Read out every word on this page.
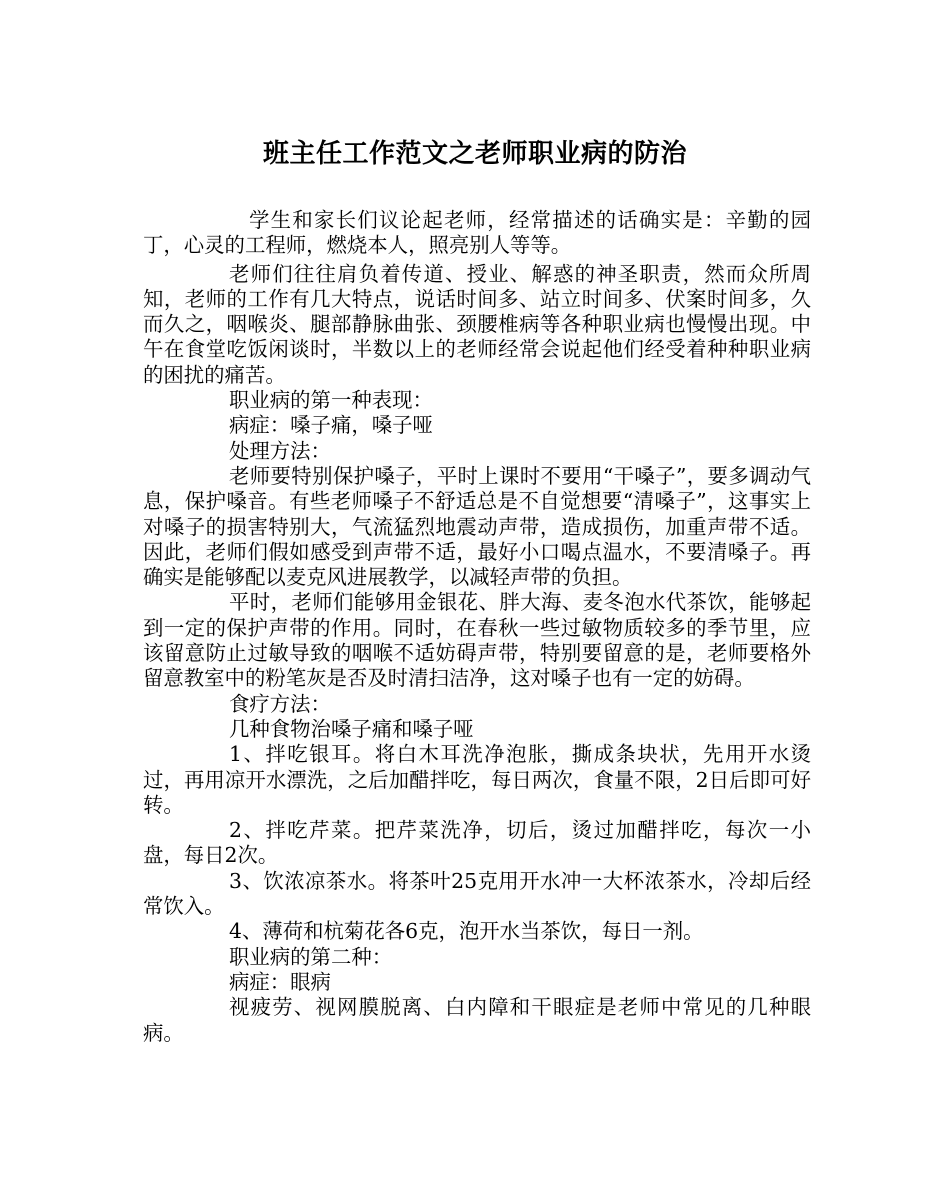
班主任工作范文之老师职业病的防治

学生和家长们议论起老师，经常描述的话确实是：辛勤的园丁，心灵的工程师，燃烧本人，照亮别人等等。

老师们往往肩负着传道、授业、解惑的神圣职责，然而众所周知，老师的工作有几大特点，说话时间多、站立时间多、伏案时间多，久而久之，咽喉炎、腿部静脉曲张、颈腰椎病等各种职业病也慢慢出现。中午在食堂吃饭闲谈时，半数以上的老师经常会说起他们经受着种种职业病的困扰的痛苦。

职业病的第一种表现：

病症：嗓子痛，嗓子哑

处理方法：

老师要特别保护嗓子，平时上课时不要用“干嗓子”，要多调动气息，保护嗓音。有些老师嗓子不舒适总是不自觉想要“清嗓子”，这事实上对嗓子的损害特别大，气流猛烈地震动声带，造成损伤，加重声带不适。因此，老师们假如感受到声带不适，最好小口喝点温水，不要清嗓子。再确实是能够配以麦克风进展教学，以减轻声带的负担。

平时，老师们能够用金银花、胖大海、麦冬泡水代茶饮，能够起到一定的保护声带的作用。同时，在春秋一些过敏物质较多的季节里，应该留意防止过敏导致的咽喉不适妨碍声带，特别要留意的是，老师要格外留意教室中的粉笔灰是否及时清扫洁净，这对嗓子也有一定的妨碍。

食疗方法：

几种食物治嗓子痛和嗓子哑

1、拌吃银耳。将白木耳洗净泡胀，撕成条块状，先用开水烫过，再用凉开水漂洗，之后加醋拌吃，每日两次，食量不限，2日后即可好转。

2、拌吃芹菜。把芹菜洗净，切后，烫过加醋拌吃，每次一小盘，每日2次。

3、饮浓凉茶水。将茶叶25克用开水冲一大杯浓茶水，冷却后经常饮入。

4、薄荷和杭菊花各6克，泡开水当茶饮，每日一剂。

职业病的第二种：

病症：眼病

视疲劳、视网膜脱离、白内障和干眼症是老师中常见的几种眼病。
